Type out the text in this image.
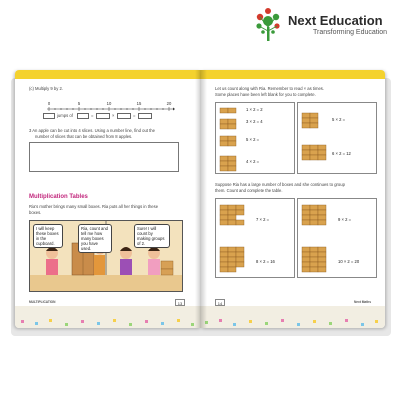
Next Education
Transforming Education
(c) Multiply 9 by 2.
0	5	10	15	20
jumps of	=	×	=
3 An apple can be cut into 4 slices. Using a number line, find out the
number of slices that can be obtained from 8 apples.
Multiplication Tables
Ria's mother brings many small boxes. Ria puts all her things in these
boxes.
I will keep these boxes in the cupboard.
Ria, count and tell me how many boxes you have used.
Sure! I will count by making groups of 2.
MULTIPLICATION	13
Let us count along with Ria. Remember to read × as times.
Some places have been left blank for you to complete.
1 × 2 = 2
3 × 2 = 4
5 × 2 =
4 × 2 =
5 × 2 =
6 × 2 = 12
Suppose Ria has a large number of boxes and she continues to group
them. Count and complete the table.
7 × 2 =
8 × 2 = 16
9 × 2 =
10 × 2 = 20
14	Next Maths
